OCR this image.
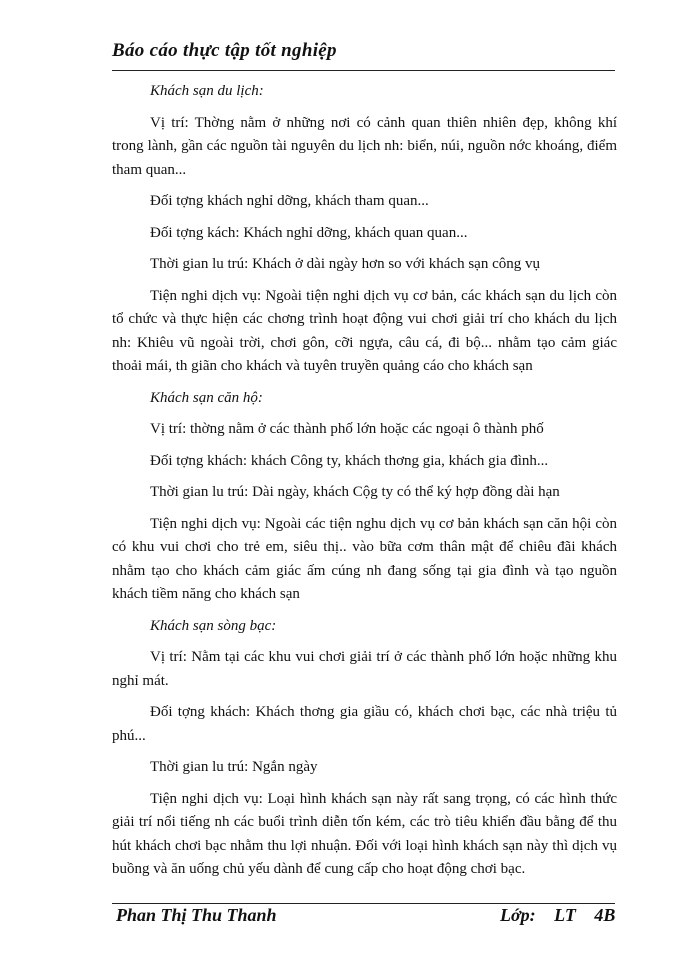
Báo cáo thực tập tốt nghiệp

Khách sạn du lịch:

Vị trí: Thờng nằm ở những nơi có cảnh quan thiên nhiên đẹp, không khí trong lành, gần các nguồn tài nguyên du lịch nh: biển, núi, nguồn nớc khoáng, điểm tham quan...

Đối tợng khách nghỉ dỡng, khách tham quan...

Đối tợng kách: Khách nghỉ dỡng, khách quan quan...

Thời gian lu trú: Khách ở dài ngày hơn so với khách sạn công vụ

Tiện nghi dịch vụ: Ngoài tiện nghi dịch vụ cơ bản, các khách sạn du lịch còn tổ chức và thực hiện các chơng trình hoạt động vui chơi giải trí cho khách du lịch nh: Khiêu vũ ngoài trời, chơi gôn, cỡi ngựa, câu cá, đi bộ... nhằm tạo cảm giác thoải mái, th giãn cho khách và tuyên truyền quảng cáo cho khách sạn

Khách sạn căn hộ:

Vị trí: thờng nằm ở các thành phố lớn hoặc các ngoại ô thành phố

Đối tợng khách: khách Công ty, khách thơng gia, khách gia đình...

Thời gian lu trú: Dài ngày, khách Cộg ty có thể ký hợp đồng dài hạn

Tiện nghi dịch vụ: Ngoài các tiện nghu dịch vụ cơ bản khách sạn căn hội còn có khu vui chơi cho trẻ em, siêu thị.. vào bữa cơm thân mật để chiêu đãi khách nhằm tạo cho khách cảm giác ấm cúng nh đang sống tại gia đình và tạo nguồn khách tiềm năng cho khách sạn

Khách sạn sòng bạc:

Vị trí: Nằm tại các khu vui chơi giải trí ở các thành phố lớn hoặc những khu nghỉ mát.

Đối tợng khách: Khách thơng gia giầu có, khách chơi bạc, các nhà triệu tủ phú...

Thời gian lu trú: Ngắn ngày

Tiện nghi dịch vụ: Loại hình khách sạn này rất sang trọng, có các hình thức giải trí nổi tiếng nh các buổi trình diễn tốn kém, các trò tiêu khiển đầu bằng để thu hút khách chơi bạc nhằm thu lợi nhuận. Đối với loại hình khách sạn này thì dịch vụ buồng và ăn uống chủ yếu dành để cung cấp cho hoạt động chơi bạc.

Phan Thị Thu Thanh	Lớp: LT 4B
